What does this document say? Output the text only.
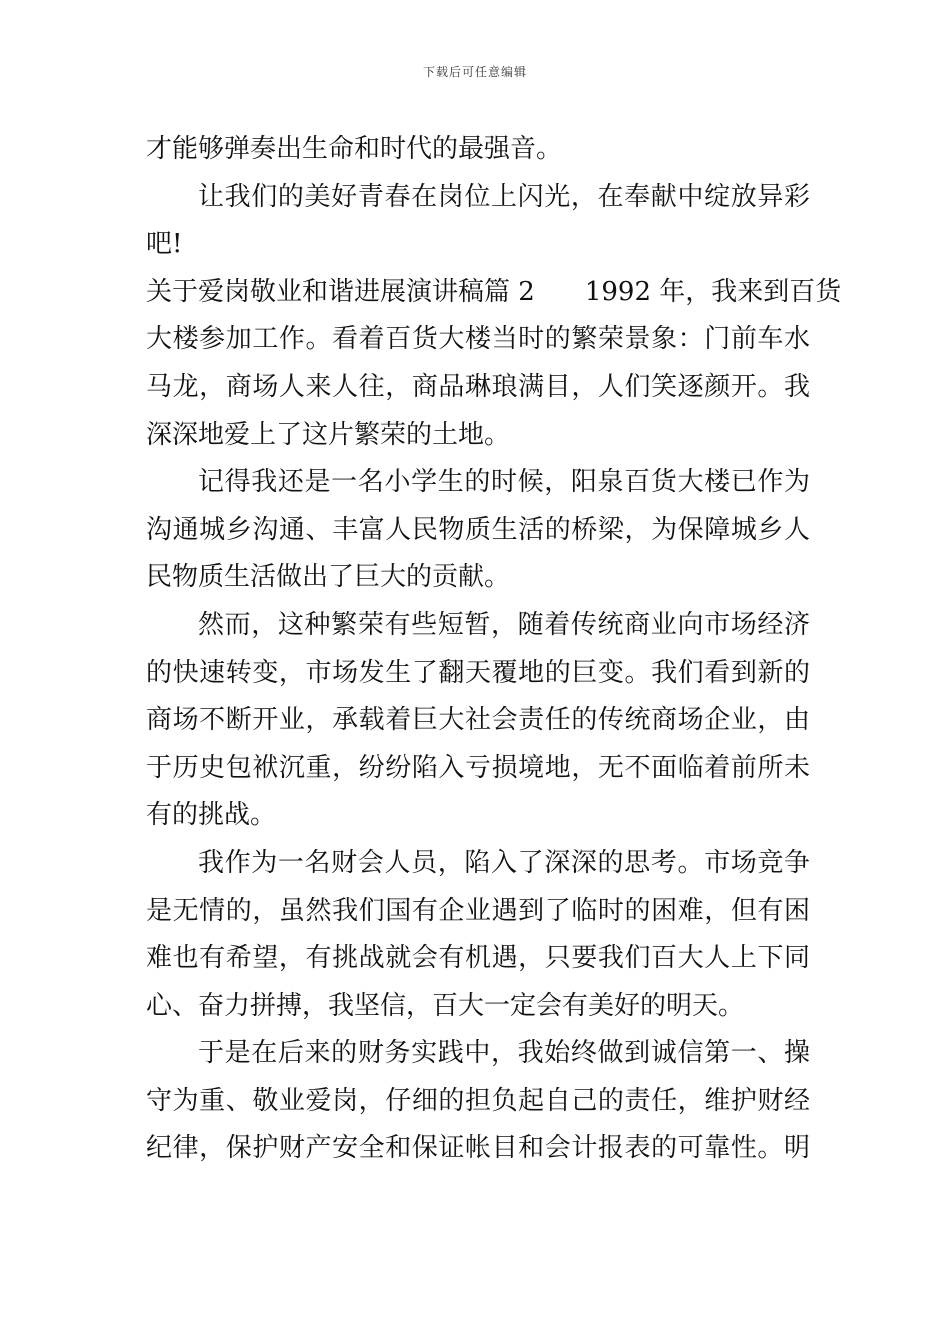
下载后可任意编辑
才能够弹奏出生命和时代的最强音。
让我们的美好青春在岗位上闪光，在奉献中绽放异彩
吧!
关于爱岗敬业和谐进展演讲稿篇 2 1992 年，我来到百货
大楼参加工作。看着百货大楼当时的繁荣景象：门前车水
马龙，商场人来人往，商品琳琅满目，人们笑逐颜开。我
深深地爱上了这片繁荣的土地。
记得我还是一名小学生的时候，阳泉百货大楼已作为
沟通城乡沟通、丰富人民物质生活的桥梁，为保障城乡人
民物质生活做出了巨大的贡献。
然而，这种繁荣有些短暂，随着传统商业向市场经济
的快速转变，市场发生了翻天覆地的巨变。我们看到新的
商场不断开业，承载着巨大社会责任的传统商场企业，由
于历史包袱沉重，纷纷陷入亏损境地，无不面临着前所未
有的挑战。
我作为一名财会人员，陷入了深深的思考。市场竞争
是无情的，虽然我们国有企业遇到了临时的困难，但有困
难也有希望，有挑战就会有机遇，只要我们百大人上下同
心、奋力拼搏，我坚信，百大一定会有美好的明天。
于是在后来的财务实践中，我始终做到诚信第一、操
守为重、敬业爱岗，仔细的担负起自己的责任，维护财经
纪律，保护财产安全和保证帐目和会计报表的可靠性。明
